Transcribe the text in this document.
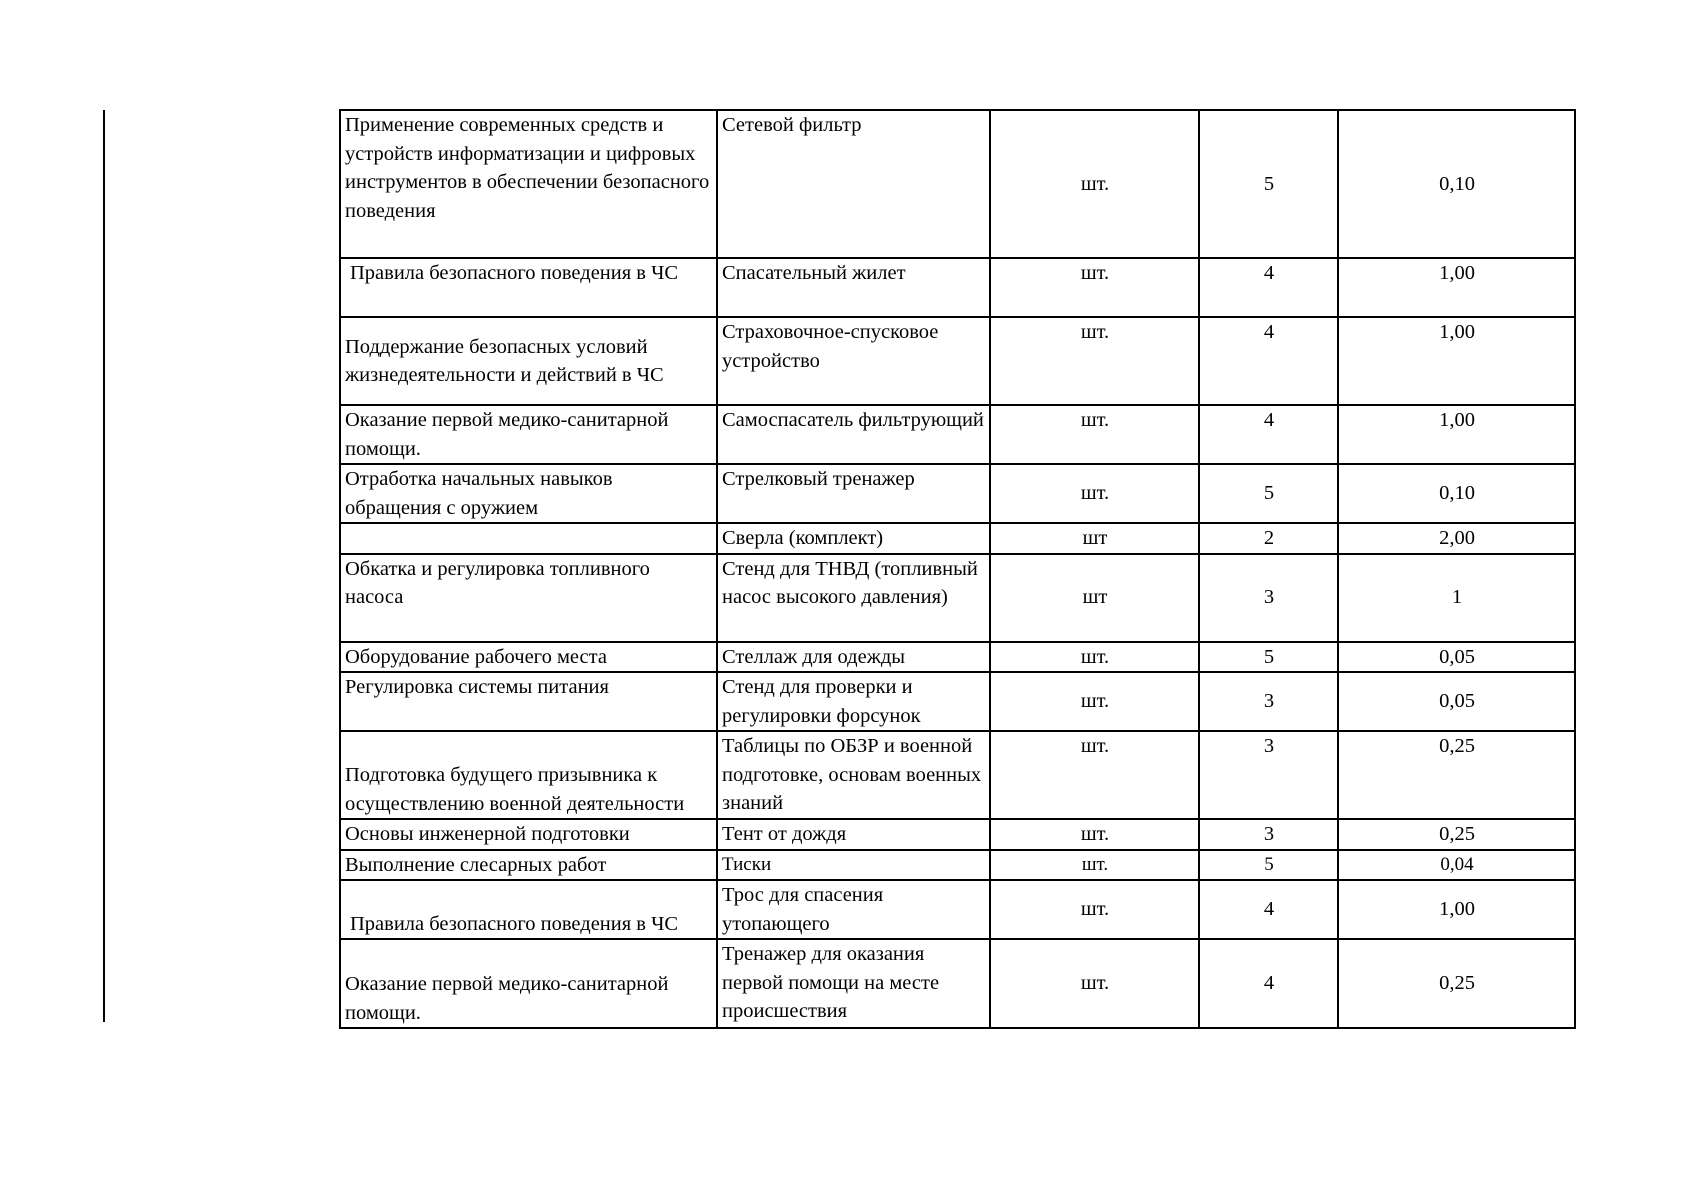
Применение современных средств и устройств информатизации и цифровых инструментов в обеспечении безопасного поведения	Сетевой фильтр	шт.	5	0,10
Правила безопасного поведения в ЧС	Спасательный жилет	шт.	4	1,00
Поддержание безопасных условий жизнедеятельности и действий в ЧС	Страховочное-спусковое устройство	шт.	4	1,00
Оказание первой медико-санитарной помощи.	Самоспасатель фильтрующий	шт.	4	1,00
Отработка начальных навыков обращения с оружием	Стрелковый тренажер	шт.	5	0,10
	Сверла (комплект)	шт	2	2,00
Обкатка и регулировка топливного насоса	Стенд для ТНВД (топливный насос высокого давления)	шт	3	1
Оборудование рабочего места	Стеллаж для одежды	шт.	5	0,05
Регулировка системы питания	Стенд для проверки и регулировки форсунок	шт.	3	0,05
Подготовка будущего призывника к осуществлению военной деятельности	Таблицы по ОБЗР и военной подготовке, основам военных знаний	шт.	3	0,25
Основы инженерной подготовки	Тент от дождя	шт.	3	0,25
Выполнение слесарных работ	Тиски	шт.	5	0,04
Правила безопасного поведения в ЧС	Трос для спасения утопающего	шт.	4	1,00
Оказание первой медико-санитарной помощи.	Тренажер для оказания первой помощи на месте происшествия	шт.	4	0,25
